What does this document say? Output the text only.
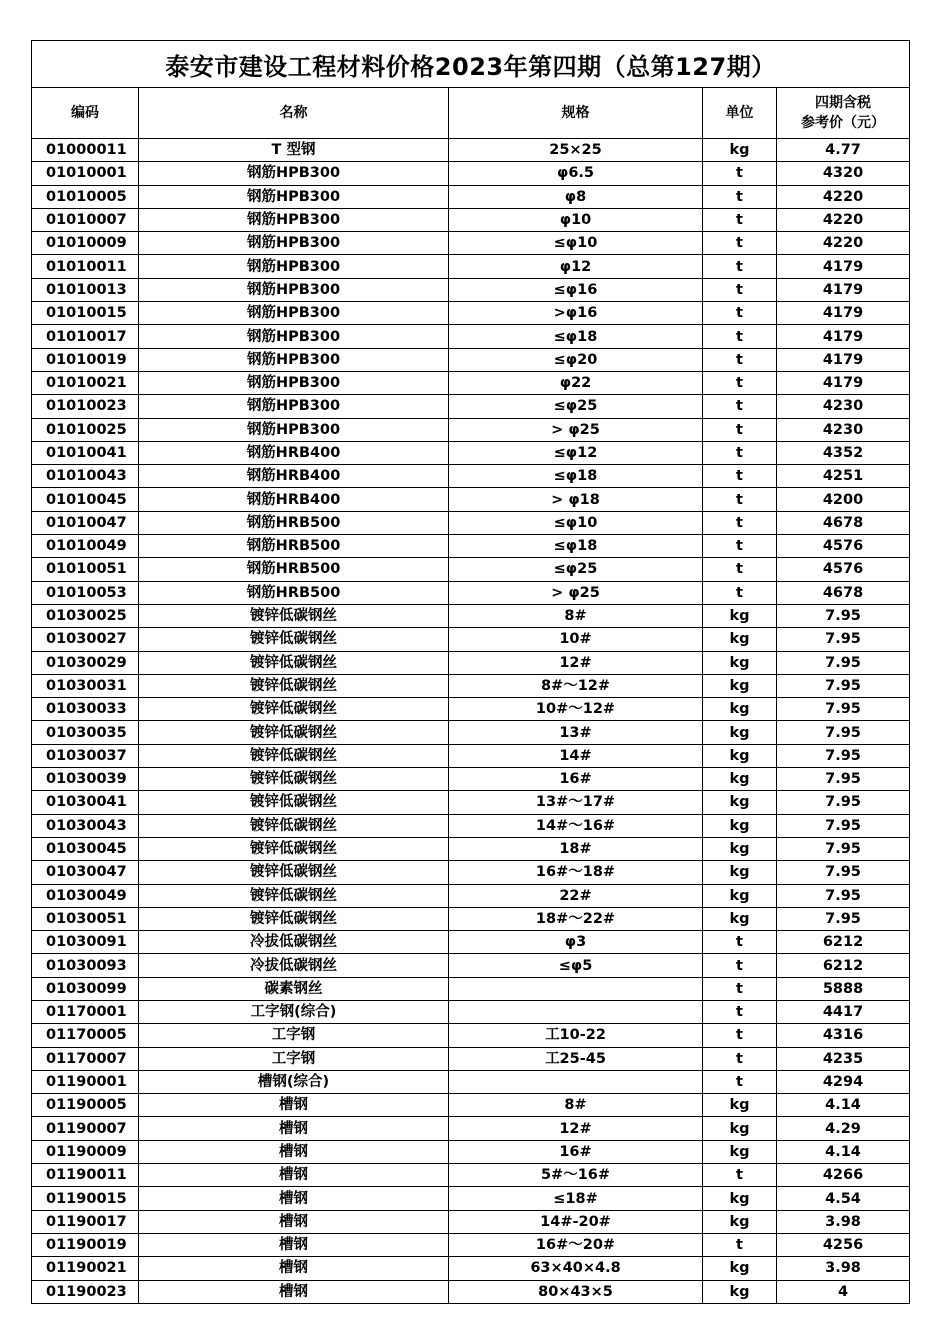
泰安市建设工程材料价格2023年第四期（总第127期）				
编码	名称	规格	单位	四期含税
参考价（元）

01000011	T 型钢	25×25	kg	4.77
01010001	钢筋HPB300	φ6.5	t	4320
01010005	钢筋HPB300	φ8	t	4220
01010007	钢筋HPB300	φ10	t	4220
01010009	钢筋HPB300	≤φ10	t	4220
01010011	钢筋HPB300	φ12	t	4179
01010013	钢筋HPB300	≤φ16	t	4179
01010015	钢筋HPB300	>φ16	t	4179
01010017	钢筋HPB300	≤φ18	t	4179
01010019	钢筋HPB300	≤φ20	t	4179
01010021	钢筋HPB300	φ22	t	4179
01010023	钢筋HPB300	≤φ25	t	4230
01010025	钢筋HPB300	> φ25	t	4230
01010041	钢筋HRB400	≤φ12	t	4352
01010043	钢筋HRB400	≤φ18	t	4251
01010045	钢筋HRB400	> φ18	t	4200
01010047	钢筋HRB500	≤φ10	t	4678
01010049	钢筋HRB500	≤φ18	t	4576
01010051	钢筋HRB500	≤φ25	t	4576
01010053	钢筋HRB500	> φ25	t	4678
01030025	镀锌低碳钢丝	8#	kg	7.95
01030027	镀锌低碳钢丝	10#	kg	7.95
01030029	镀锌低碳钢丝	12#	kg	7.95
01030031	镀锌低碳钢丝	8#～12#	kg	7.95
01030033	镀锌低碳钢丝	10#～12#	kg	7.95
01030035	镀锌低碳钢丝	13#	kg	7.95
01030037	镀锌低碳钢丝	14#	kg	7.95
01030039	镀锌低碳钢丝	16#	kg	7.95
01030041	镀锌低碳钢丝	13#～17#	kg	7.95
01030043	镀锌低碳钢丝	14#～16#	kg	7.95
01030045	镀锌低碳钢丝	18#	kg	7.95
01030047	镀锌低碳钢丝	16#～18#	kg	7.95
01030049	镀锌低碳钢丝	22#	kg	7.95
01030051	镀锌低碳钢丝	18#～22#	kg	7.95
01030091	冷拔低碳钢丝	φ3	t	6212
01030093	冷拔低碳钢丝	≤φ5	t	6212
01030099	碳素钢丝		t	5888
01170001	工字钢(综合)		t	4417
01170005	工字钢	工10-22	t	4316
01170007	工字钢	工25-45	t	4235
01190001	槽钢(综合)		t	4294
01190005	槽钢	8#	kg	4.14
01190007	槽钢	12#	kg	4.29
01190009	槽钢	16#	kg	4.14
01190011	槽钢	5#～16#	t	4266
01190015	槽钢	≤18#	kg	4.54
01190017	槽钢	14#-20#	kg	3.98
01190019	槽钢	16#～20#	t	4256
01190021	槽钢	63×40×4.8	kg	3.98
01190023	槽钢	80×43×5	kg	4
